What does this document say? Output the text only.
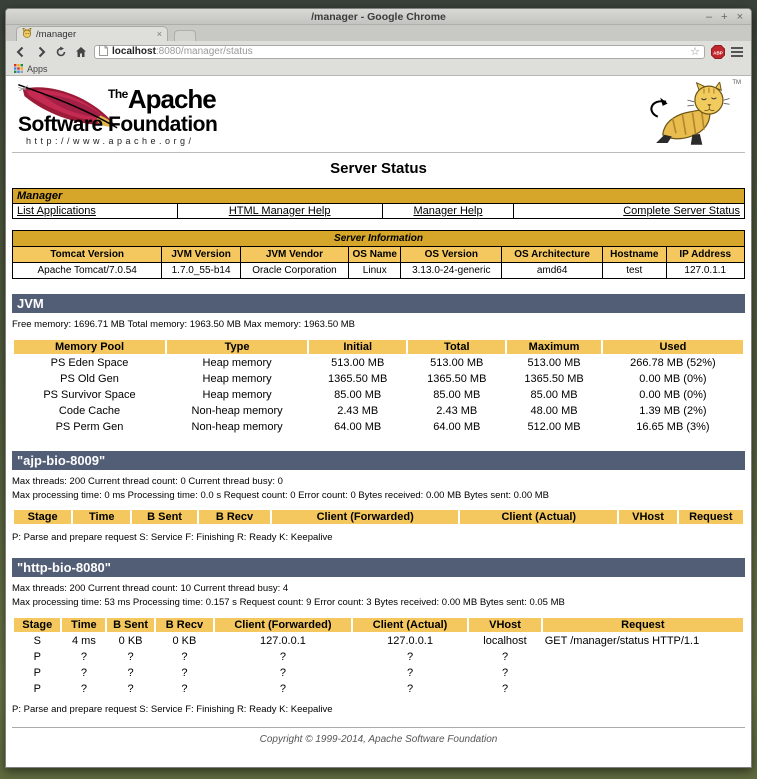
/manager - Google Chrome	– + ×
/manager	×
localhost:8080/manager/status	☆	ABP
Apps
$^{The}$Apache
Software Foundation
http://www.apache.org/
TM
Server Status
Manager
List Applications	HTML Manager Help	Manager Help	Complete Server Status
Server Information							
Tomcat Version	JVM Version	JVM Vendor	OS Name	OS Version	OS Architecture	Hostname	IP Address
Apache Tomcat/7.0.54	1.7.0_55-b14	Oracle Corporation	Linux	3.13.0-24-generic	amd64	test	127.0.1.1
JVM

Free memory: 1696.71 MB Total memory: 1963.50 MB Max memory: 1963.50 MB

Memory Pool	Type	Initial	Total	Maximum	Used
PS Eden Space	Heap memory	513.00 MB	513.00 MB	513.00 MB	266.78 MB (52%)
PS Old Gen	Heap memory	1365.50 MB	1365.50 MB	1365.50 MB	0.00 MB (0%)
PS Survivor Space	Heap memory	85.00 MB	85.00 MB	85.00 MB	0.00 MB (0%)
Code Cache	Non-heap memory	2.43 MB	2.43 MB	48.00 MB	1.39 MB (2%)
PS Perm Gen	Non-heap memory	64.00 MB	64.00 MB	512.00 MB	16.65 MB (3%)
"ajp-bio-8009"

Max threads: 200 Current thread count: 0 Current thread busy: 0

Max processing time: 0 ms Processing time: 0.0 s Request count: 0 Error count: 0 Bytes received: 0.00 MB Bytes sent: 0.00 MB

Stage	Time	B Sent	B Recv	Client (Forwarded)	Client (Actual)	VHost	Request

P: Parse and prepare request S: Service F: Finishing R: Ready K: Keepalive

"http-bio-8080"

Max threads: 200 Current thread count: 10 Current thread busy: 4

Max processing time: 53 ms Processing time: 0.157 s Request count: 9 Error count: 3 Bytes received: 0.00 MB Bytes sent: 0.05 MB

Stage	Time	B Sent	B Recv	Client (Forwarded)	Client (Actual)	VHost	Request
S	4 ms	0 KB	0 KB	127.0.0.1	127.0.0.1	localhost	GET /manager/status HTTP/1.1
P	?	?	?	?	?	?	
P	?	?	?	?	?	?	
P	?	?	?	?	?	?	

P: Parse and prepare request S: Service F: Finishing R: Ready K: Keepalive

Copyright © 1999-2014, Apache Software Foundation
